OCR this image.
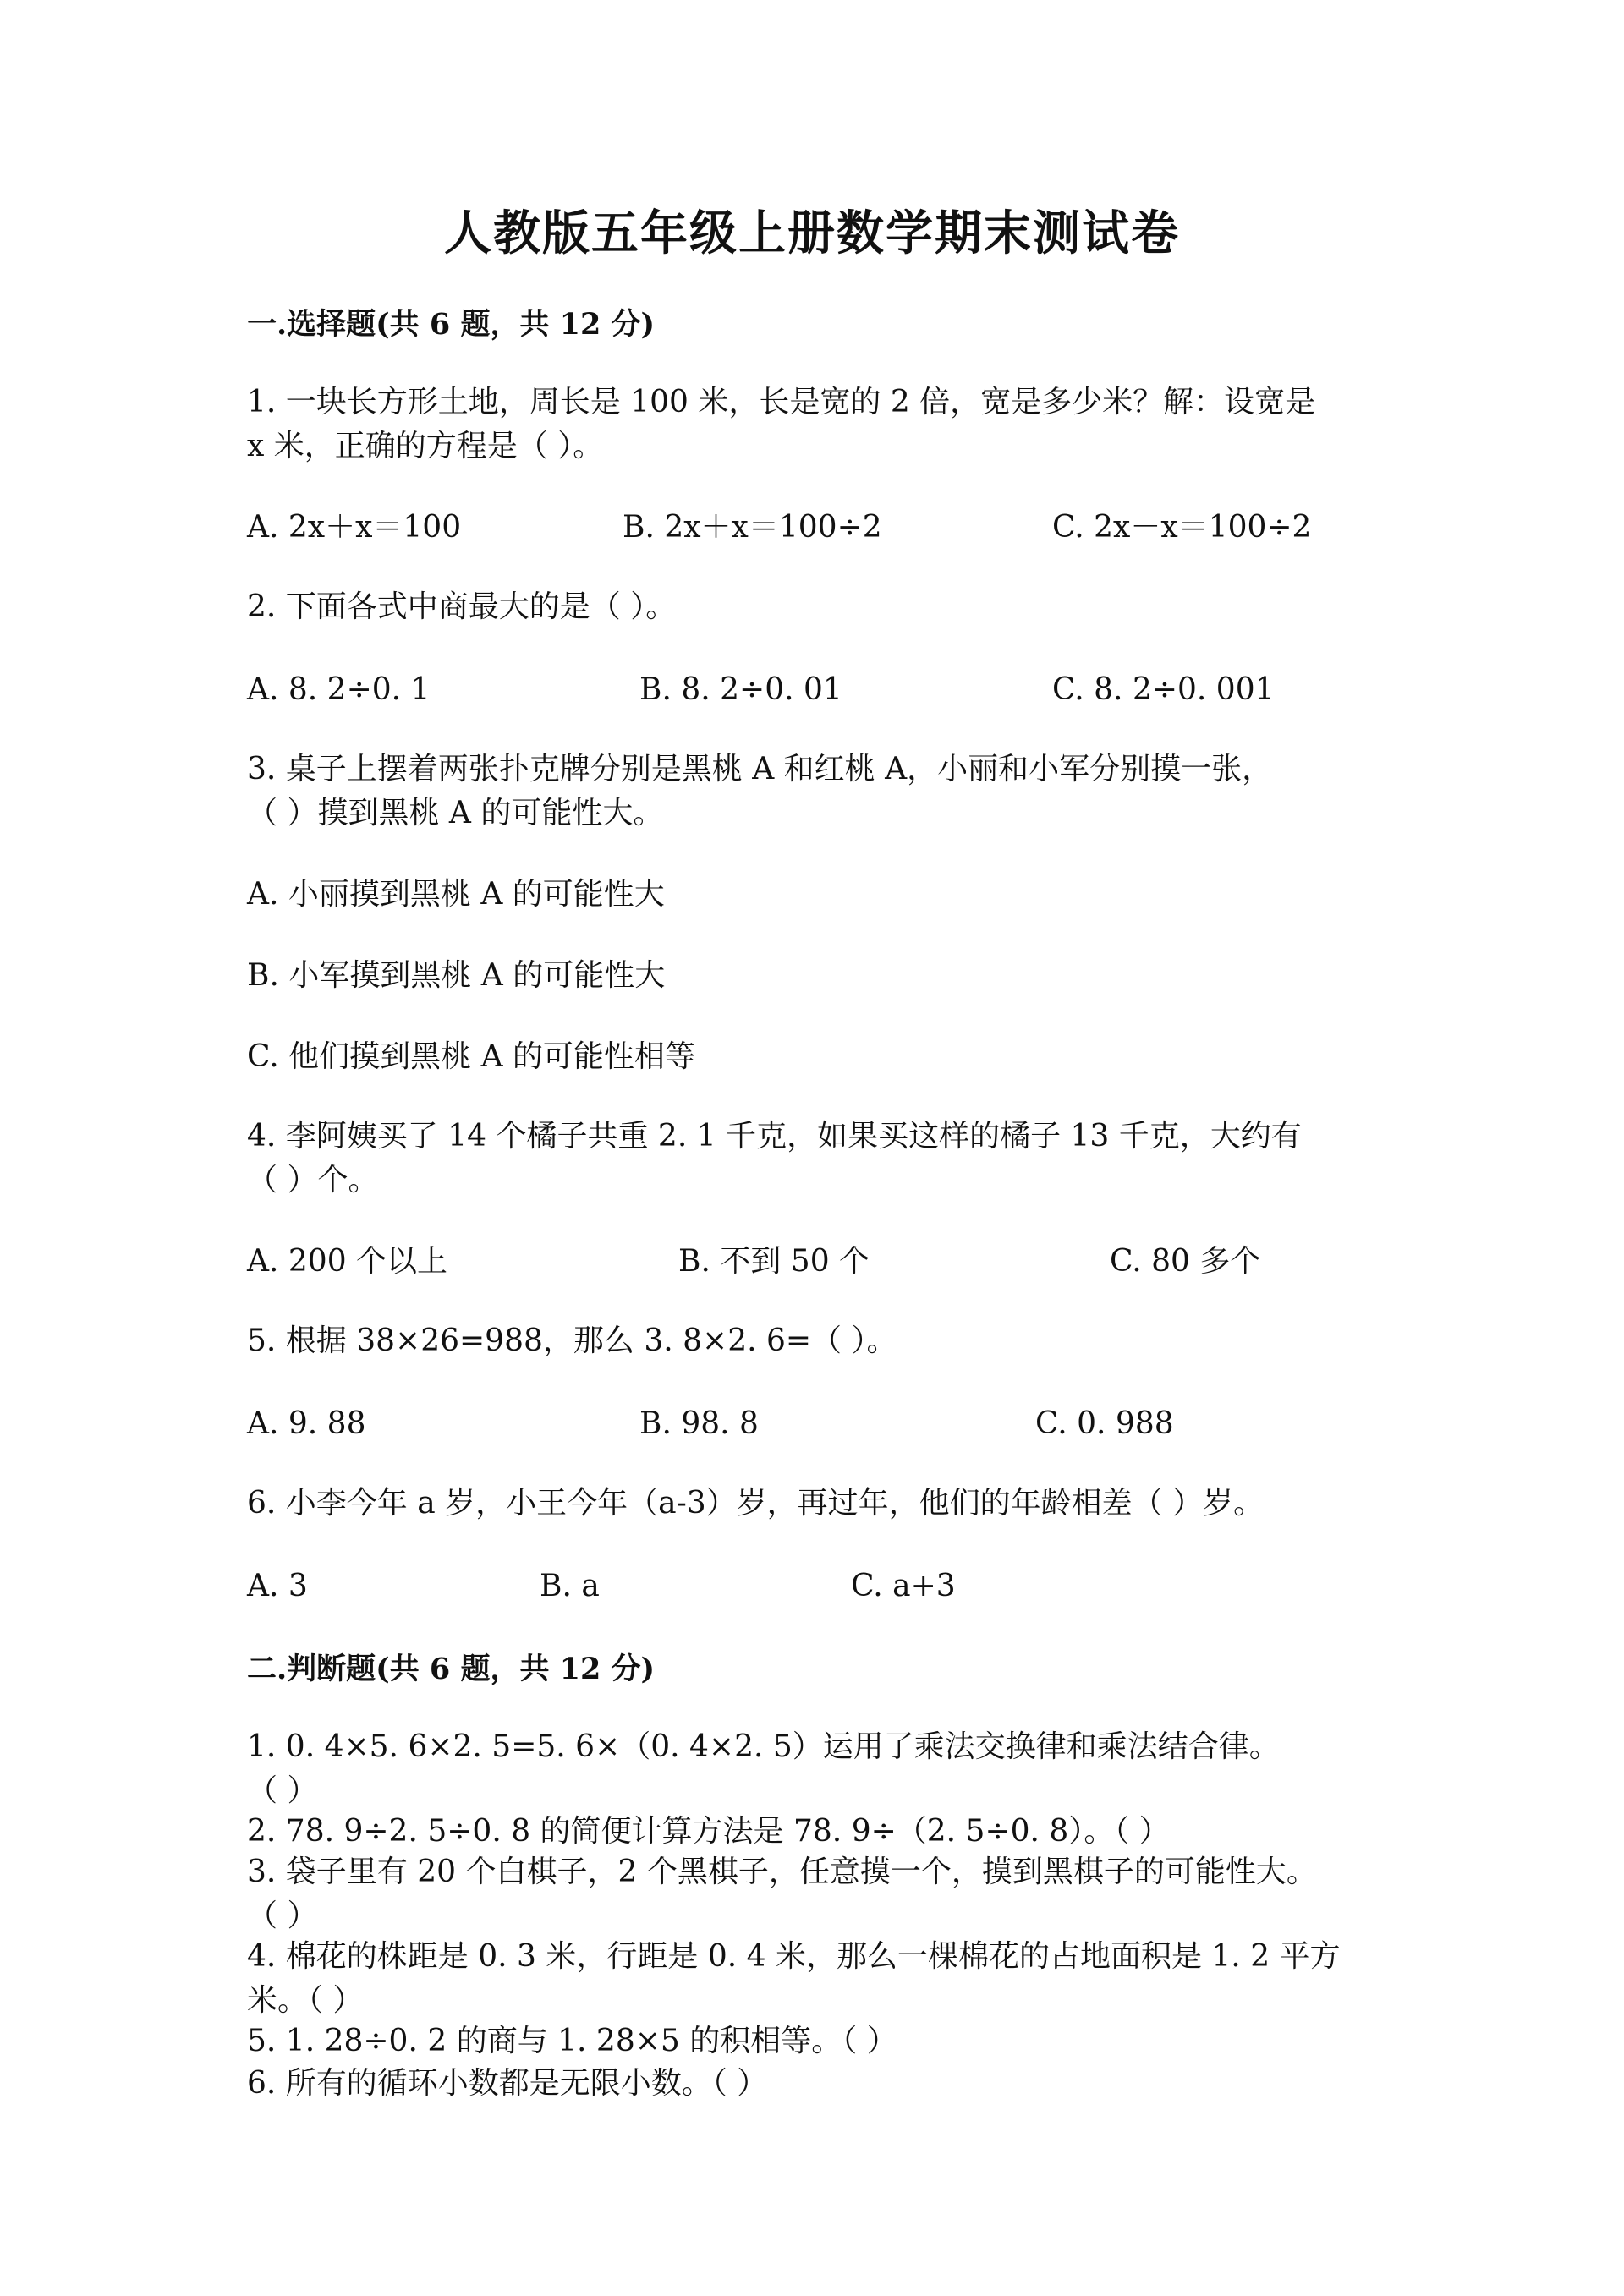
人教版五年级上册数学期末测试卷
一.选择题(共 6 题，共 12 分)
1. 一块长方形土地，周长是 100 米，长是宽的 2 倍，宽是多少米？解：设宽是
x 米，正确的方程是（ ）。
A. 2x＋x＝100	B. 2x＋x＝100÷2	C. 2x－x＝100÷2
2. 下面各式中商最大的是（ ）。
A. 8. 2÷0. 1	B. 8. 2÷0. 01	C. 8. 2÷0. 001
3. 桌子上摆着两张扑克牌分别是黑桃 A 和红桃 A，小丽和小军分别摸一张，
（ ）摸到黑桃 A 的可能性大。
A. 小丽摸到黑桃 A 的可能性大
B. 小军摸到黑桃 A 的可能性大
C. 他们摸到黑桃 A 的可能性相等
4. 李阿姨买了 14 个橘子共重 2. 1 千克，如果买这样的橘子 13 千克，大约有
（ ）个。
A. 200 个以上	B. 不到 50 个	C. 80 多个
5. 根据 38×26=988，那么 3. 8×2. 6=（ ）。
A. 9. 88	B. 98. 8	C. 0. 988
6. 小李今年 a 岁，小王今年（a-3）岁，再过年，他们的年龄相差（ ）岁。
A. 3	B. a	C. a+3
二.判断题(共 6 题，共 12 分)
1. 0. 4×5. 6×2. 5=5. 6×（0. 4×2. 5）运用了乘法交换律和乘法结合律。
（ ）
2. 78. 9÷2. 5÷0. 8 的简便计算方法是 78. 9÷（2. 5÷0. 8）。（ ）
3. 袋子里有 20 个白棋子，2 个黑棋子，任意摸一个，摸到黑棋子的可能性大。
（ ）
4. 棉花的株距是 0. 3 米，行距是 0. 4 米，那么一棵棉花的占地面积是 1. 2 平方
米。（ ）
5. 1. 28÷0. 2 的商与 1. 28×5 的积相等。（ ）
6. 所有的循环小数都是无限小数。（ ）
